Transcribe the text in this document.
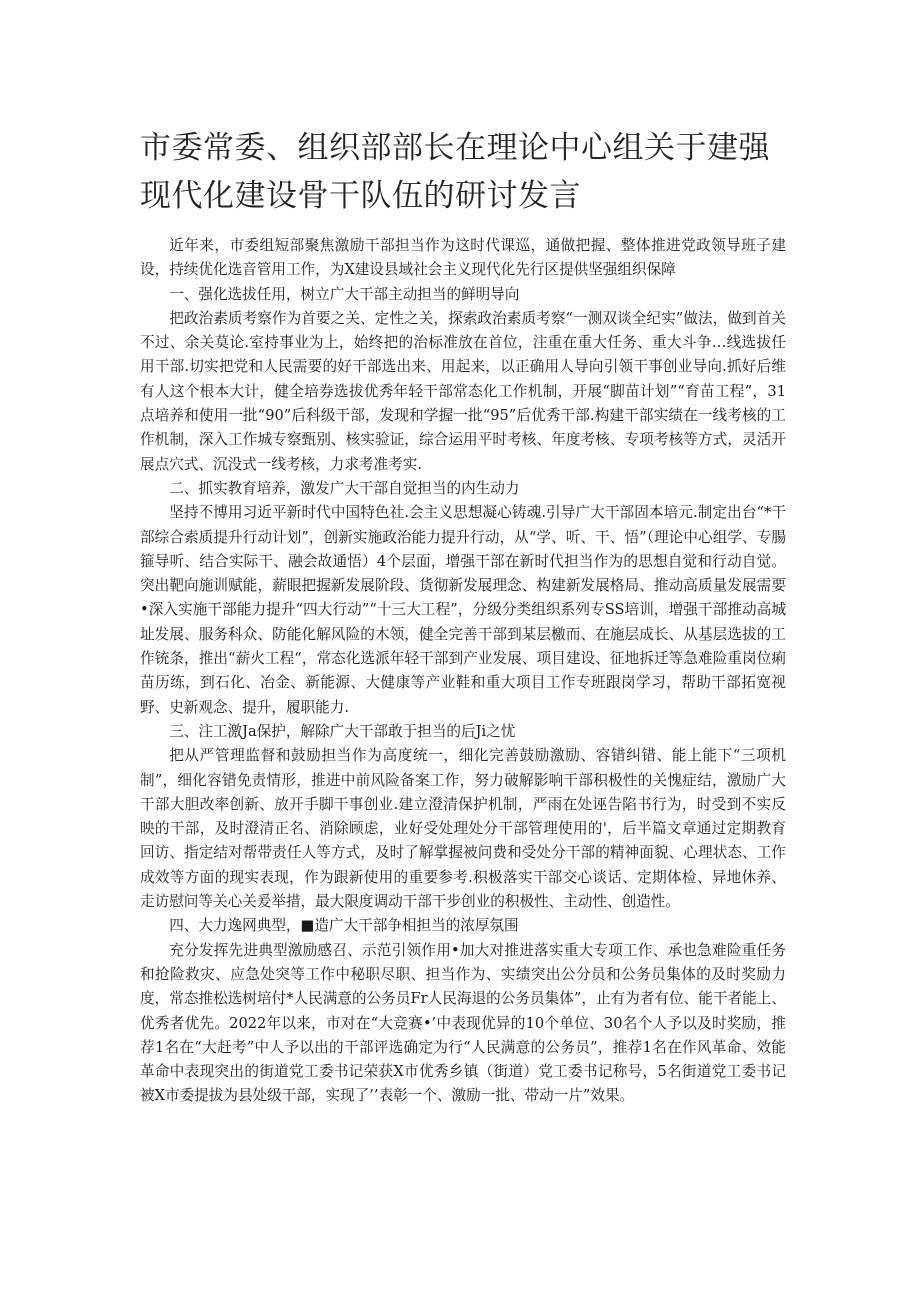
市委常委、组织部部长在理论中心组关于建强现代化建设骨干队伍的研讨发言

近年来，市委组短部聚焦激励干部担当作为这时代课巡，通做把握、整体推进党政领导班子建设，持续优化选音管用工作，为X建设县域社会主义现代化先行区提供坚强组织保障

一、强化选拔任用，树立广大干部主动担当的鲜明导向

把政治素质考察作为首要之关、定性之关，探索政治素质考察“一测双谈全纪实”做法，做到首关不过、余关莫论.室持事业为上，始终把的治标准放在首位，注重在重大任务、重大斗争…线选拔任用干部.切实把党和人民需要的好干部选出来、用起来，以正确用人导向引领干事创业导向.抓好后维有人这个根本大计，健全培券选拔优秀年轻干部常态化工作机制，开展“脚苗计划”“育苗工程”，31点培养和使用一批“90”后科级干部，发现和学握一批“95”后优秀干部.构建干部实绩在一线考核的工作机制，深入工作城专察甄别、核实验证，综合运用平时考核、年度考核、专项考核等方式，灵活开展点穴式、沉没式一线考核，力求考准考实.

二、抓实教育培养，激发广大干部自觉担当的内生动力

坚持不博用习近平新时代中国特色社.会主义思想凝心铸魂.引导广大干部固本培元.制定出台“*干部综合索质提升行动计划”，创新实施政治能力提升行动，从“学、听、干、悟”（理论中心组学、专腸箍导听、结合实际干、融会故通悟）4个层面，增强干部在新时代担当作为的思想自觉和行动自觉。突出靶向施训赋能，薪眼把握新发展阶段、货彻新发展理念、构建新发展格局、推动高质量发展需要•深入实施干部能力提升“四大行动”“十三大工程”，分级分类组织系列专SS培训，增强干部推动高城址发展、服务科众、防能化解风险的木领，健全完善干部到某层檄而、在施层成长、从基层选拔的工作铳条，推出“薪火工程“，常态化选派年轻干部到产业发展、项目建设、征地拆迁等急难险重岗位痢苗历练，到石化、冶金、新能源、大健康等产业鞋和重大项目工作专班跟岗学习，帮助干部拓宽视野、史新观念、提升，履职能力.

三、注工激Ja保护，解除广大干部敢于担当的后Ji之忧

把从严管理监督和鼓励担当作为高度统一，细化完善鼓励激励、容错纠错、能上能下“三项机制”，细化容错免责情形，推进中前风险备案工作，努力破解影响干部积极性的关愧症结，激励广大干部大胆改率创新、放开手脚干事创业.建立澄清保护机制，严雨在处诬告陷书行为，时受到不实反映的干部，及时澄清正名、消除顾虑，业好受处理处分干部管理使用的'，后半篇文章通过定期教育回访、指定结对帮带责任人等方式，及时了解掌握被问费和受处分干部的精神面貌、心理状态、工作成效等方面的现实表现，作为跟新使用的重要参考.积极落实干部交心谈话、定期体检、异地休养、走访慰问等关心关爰举措，最大限度调动干部干步创业的积极性、主动性、创造性。

四、大力逸网典型，■造广大干部争相担当的浓厚氛围

充分发挥先进典型激励感召、示范引领作用•加大对推进落实重大专项工作、承也急难险重任务和抢险救灾、应急处突等工作中秘职尽职、担当作为、实绩突出公分员和公务员集体的及时奖励力度，常态推松选树培付*人民满意的公务员Fr人民海退的公务员集体”，止有为者有位、能干者能上、优秀者优先。2022年以来，市对在“大竞赛•’中表现优异的10个单位、30名个人予以及时奖励，推荐1名在“大赶考”中人予以出的干部评选确定为行“人民满意的公务员”，推荐1名在作风革命、效能革命中表现突出的街道党工委书记荣获X市优秀乡镇（街道）党工委书记称号，5名街道党工委书记被X市委提拔为县处级干部，实现了’’表彰一个、激励一批、带动一片”效果。
